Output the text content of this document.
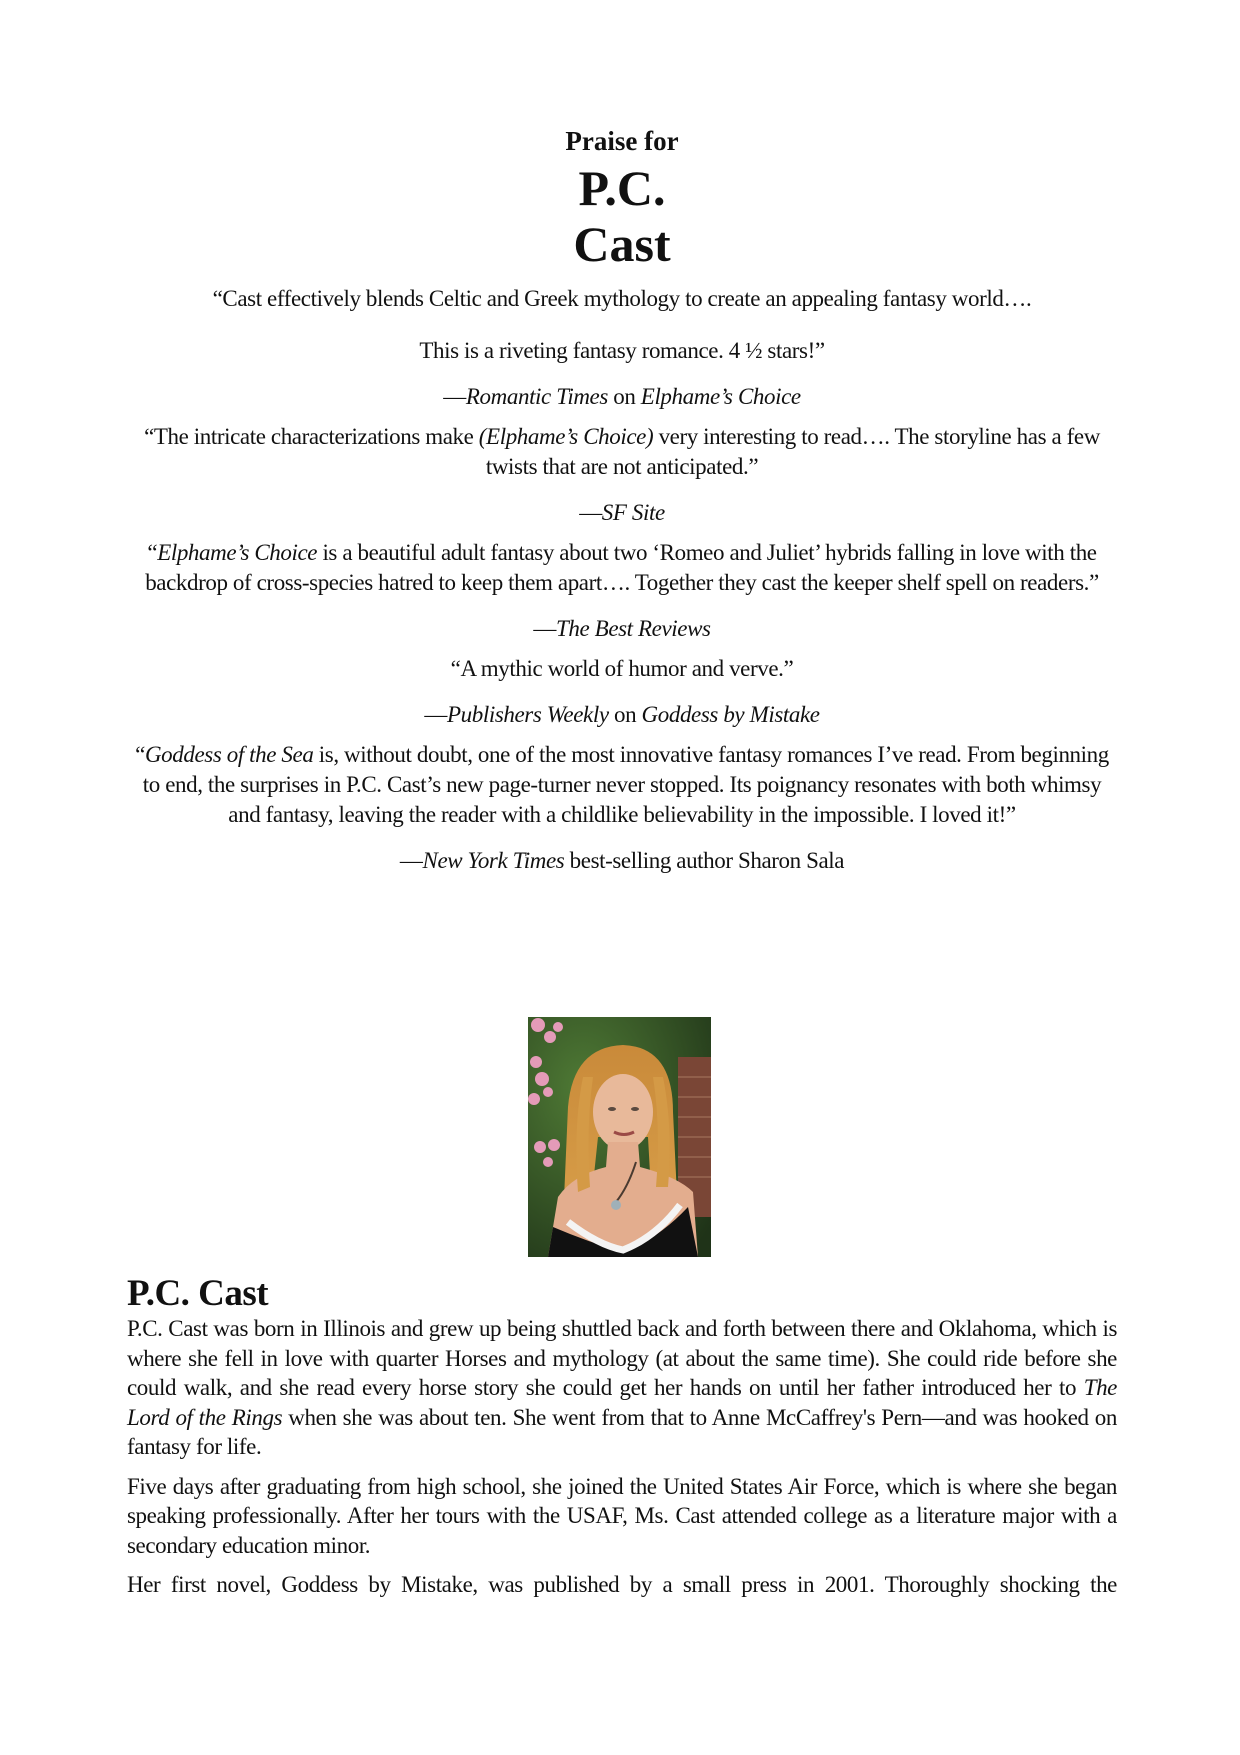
Praise for
P.C.
Cast

“Cast effectively blends Celtic and Greek mythology to create an appealing fantasy world….

This is a riveting fantasy romance. 4 ½ stars!”

—Romantic Times on Elphame’s Choice

“The intricate characterizations make (Elphame’s Choice) very interesting to read…. The storyline has a few twists that are not anticipated.”

—SF Site

“Elphame’s Choice is a beautiful adult fantasy about two ‘Romeo and Juliet’ hybrids falling in love with the backdrop of cross-species hatred to keep them apart…. Together they cast the keeper shelf spell on readers.”

—The Best Reviews

“A mythic world of humor and verve.”

—Publishers Weekly on Goddess by Mistake

“Goddess of the Sea is, without doubt, one of the most innovative fantasy romances I’ve read. From beginning to end, the surprises in P.C. Cast’s new page-turner never stopped. Its poignancy resonates with both whimsy and fantasy, leaving the reader with a childlike believability in the impossible. I loved it!”

—New York Times best-selling author Sharon Sala

P.C. Cast

P.C. Cast was born in Illinois and grew up being shuttled back and forth between there and Oklahoma, which is where she fell in love with quarter Horses and mythology (at about the same time). She could ride before she could walk, and she read every horse story she could get her hands on until her father introduced her to The Lord of the Rings when she was about ten. She went from that to Anne McCaffrey's Pern—and was hooked on fantasy for life.

Five days after graduating from high school, she joined the United States Air Force, which is where she began speaking professionally. After her tours with the USAF, Ms. Cast attended college as a literature major with a secondary education minor.

Her first novel, Goddess by Mistake, was published by a small press in 2001. Thoroughly shocking the
